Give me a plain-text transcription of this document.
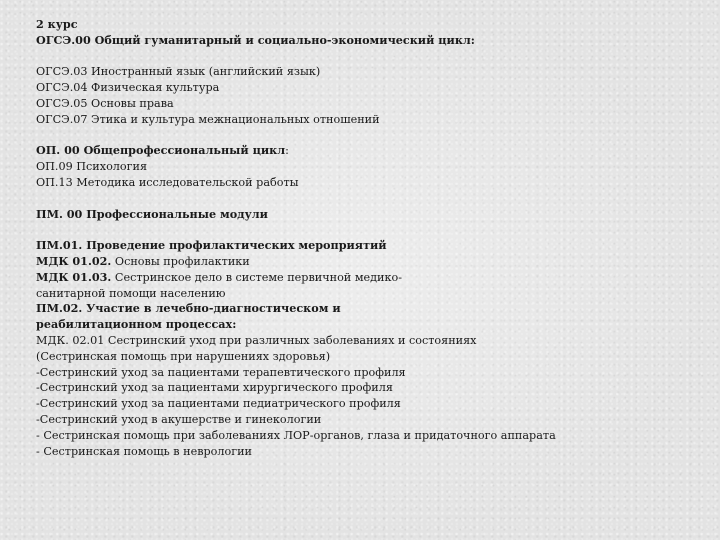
2 курс
ОГСЭ.00 Общий гуманитарный и социально-экономический цикл:
ОГСЭ.03 Иностранный язык (английский язык)
ОГСЭ.04 Физическая культура
ОГСЭ.05 Основы права
ОГСЭ.07 Этика и культура межнациональных отношений
ОП. 00 Общепрофессиональный цикл:
ОП.09 Психология
ОП.13 Методика исследовательской работы
ПМ. 00 Профессиональные модули
ПМ.01. Проведение профилактических мероприятий
МДК 01.02. Основы профилактики
МДК 01.03. Сестринское дело в системе первичной медико-
санитарной помощи населению
ПМ.02. Участие в лечебно-диагностическом и
реабилитационном процессах:
МДК. 02.01 Сестринский уход при различных заболеваниях и состояниях
(Сестринская помощь при нарушениях здоровья)
-Сестринский уход за пациентами терапевтического профиля
-Сестринский уход за пациентами хирургического профиля
-Сестринский уход за пациентами педиатрического профиля
-Сестринский уход в акушерстве и гинекологии
- Сестринская помощь при заболеваниях ЛОР-органов, глаза и придаточного аппарата
- Сестринская помощь в неврологии
